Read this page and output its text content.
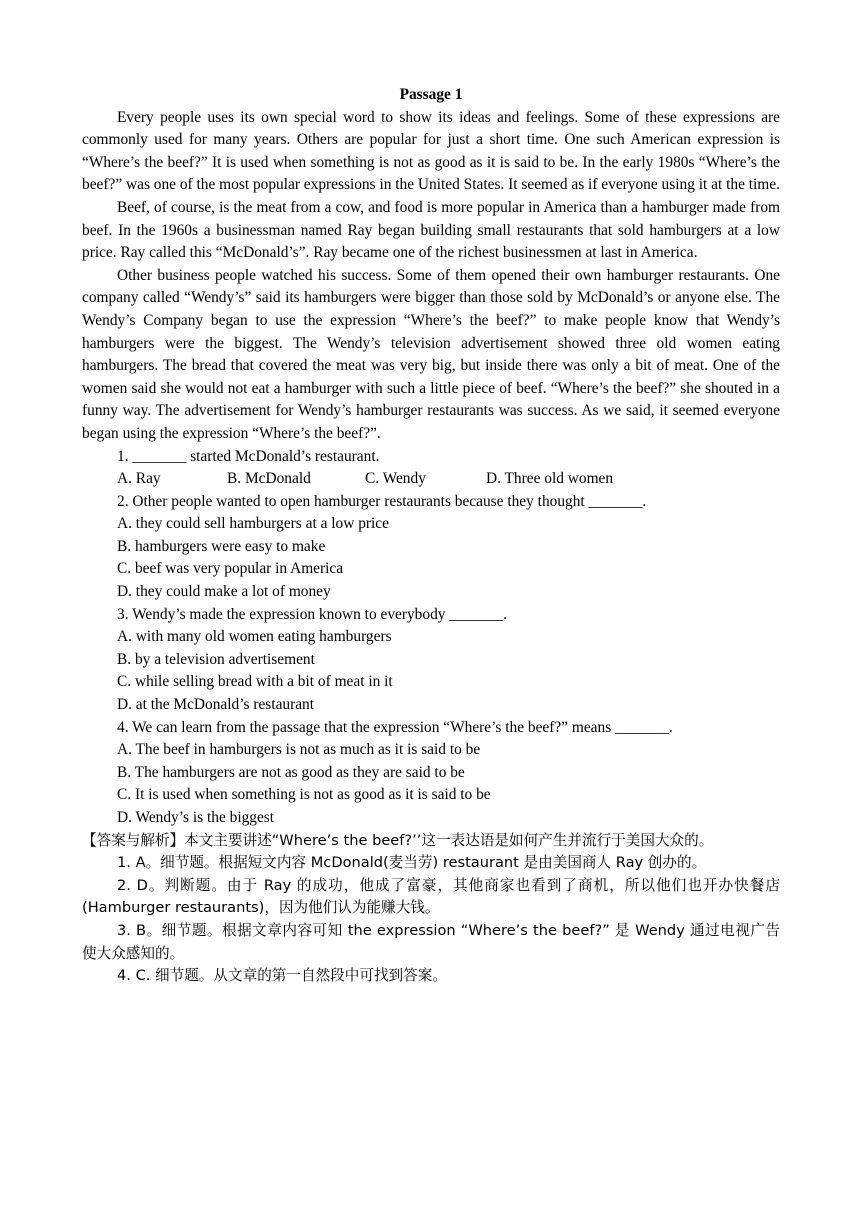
Passage 1

Every people uses its own special word to show its ideas and feelings. Some of these expressions are commonly used for many years. Others are popular for just a short time. One such American expression is “Where’s the beef?” It is used when something is not as good as it is said to be. In the early 1980s “Where’s the beef?” was one of the most popular expressions in the United States. It seemed as if everyone using it at the time.

Beef, of course, is the meat from a cow, and food is more popular in America than a hamburger made from beef. In the 1960s a businessman named Ray began building small restaurants that sold hamburgers at a low price. Ray called this “McDonald’s”. Ray became one of the richest businessmen at last in America.

Other business people watched his success. Some of them opened their own hamburger restaurants. One company called “Wendy’s” said its hamburgers were bigger than those sold by McDonald’s or anyone else. The Wendy’s Company began to use the expression “Where’s the beef?” to make people know that Wendy’s hamburgers were the biggest. The Wendy’s television advertisement showed three old women eating hamburgers. The bread that covered the meat was very big, but inside there was only a bit of meat. One of the women said she would not eat a hamburger with such a little piece of beef. “Where’s the beef?” she shouted in a funny way. The advertisement for Wendy’s hamburger restaurants was success. As we said, it seemed everyone began using the expression “Where’s the beef?”.

1. _______ started McDonald’s restaurant.

A. Ray	B. McDonald	C. Wendy	D. Three old women

2. Other people wanted to open hamburger restaurants because they thought _______.

A. they could sell hamburgers at a low price

B. hamburgers were easy to make

C. beef was very popular in America

D. they could make a lot of money

3. Wendy’s made the expression known to everybody _______.

A. with many old women eating hamburgers

B. by a television advertisement

C. while selling bread with a bit of meat in it

D. at the McDonald’s restaurant

4. We can learn from the passage that the expression “Where’s the beef?” means _______.

A. The beef in hamburgers is not as much as it is said to be

B. The hamburgers are not as good as they are said to be

C. It is used when something is not as good as it is said to be

D. Wendy’s is the biggest

【答案与解析】本文主要讲述“Where’s the beef?’’这一表达语是如何产生并流行于美国大众的。

1. A。细节题。根据短文内容 McDonald(麦当劳) restaurant 是由美国商人 Ray 创办的。

2. D。判断题。由于 Ray 的成功，他成了富豪，其他商家也看到了商机，所以他们也开办快餐店(Hamburger restaurants)，因为他们认为能赚大钱。

3. B。细节题。根据文章内容可知 the expression “Where’s the beef?” 是 Wendy 通过电视广告使大众感知的。

4. C. 细节题。从文章的第一自然段中可找到答案。
